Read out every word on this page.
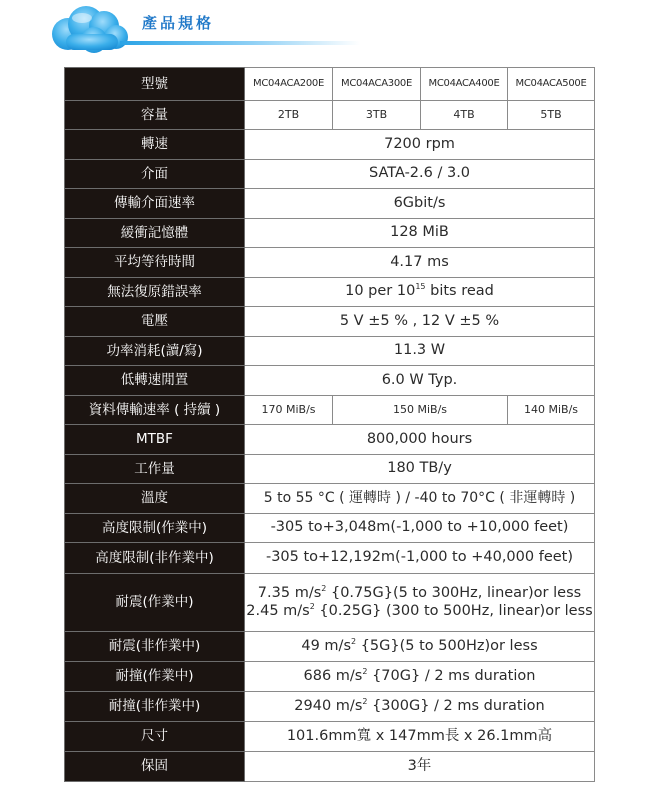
產品規格
型號	MC04ACA200E	MC04ACA300E	MC04ACA400E	MC04ACA500E
容量	2TB	3TB	4TB	5TB
轉速	7200 rpm			
介面	SATA-2.6 / 3.0			
傳輸介面速率	6Gbit/s			
緩衝記憶體	128 MiB			
平均等待時間	4.17 ms			
無法復原錯誤率	10 per $10^{15}$ bits read			
電壓	5 V ±5 % , 12 V ±5 %			
功率消耗(讀/寫)	11.3 W			
低轉速閒置	6.0 W Typ.			
資料傳輸速率 ( 持續 )	170 MiB/s	150 MiB/s		140 MiB/s
MTBF	800,000 hours			
工作量	180 TB/y			
溫度	5 to 55 °C ( 運轉時 ) / -40 to 70°C ( 非運轉時 )			
高度限制(作業中)	-305 to+3,048m(-1,000 to +10,000 feet)			
高度限制(非作業中)	-305 to+12,192m(-1,000 to +40,000 feet)			
耐震(作業中)	7.35 $m/s^2$ {0.75G}(5 to 300Hz, linear)or less
2.45 $m/s^2$ {0.25G} (300 to 500Hz, linear)or less			

耐震(非作業中)	49 $m/s^2$ {5G}(5 to 500Hz)or less			
耐撞(作業中)	686 $m/s^2$ {70G} / 2 ms duration			
耐撞(非作業中)	2940 $m/s^2$ {300G} / 2 ms duration			
尺寸	101.6mm寬 x 147mm長 x 26.1mm高			
保固	3年			
